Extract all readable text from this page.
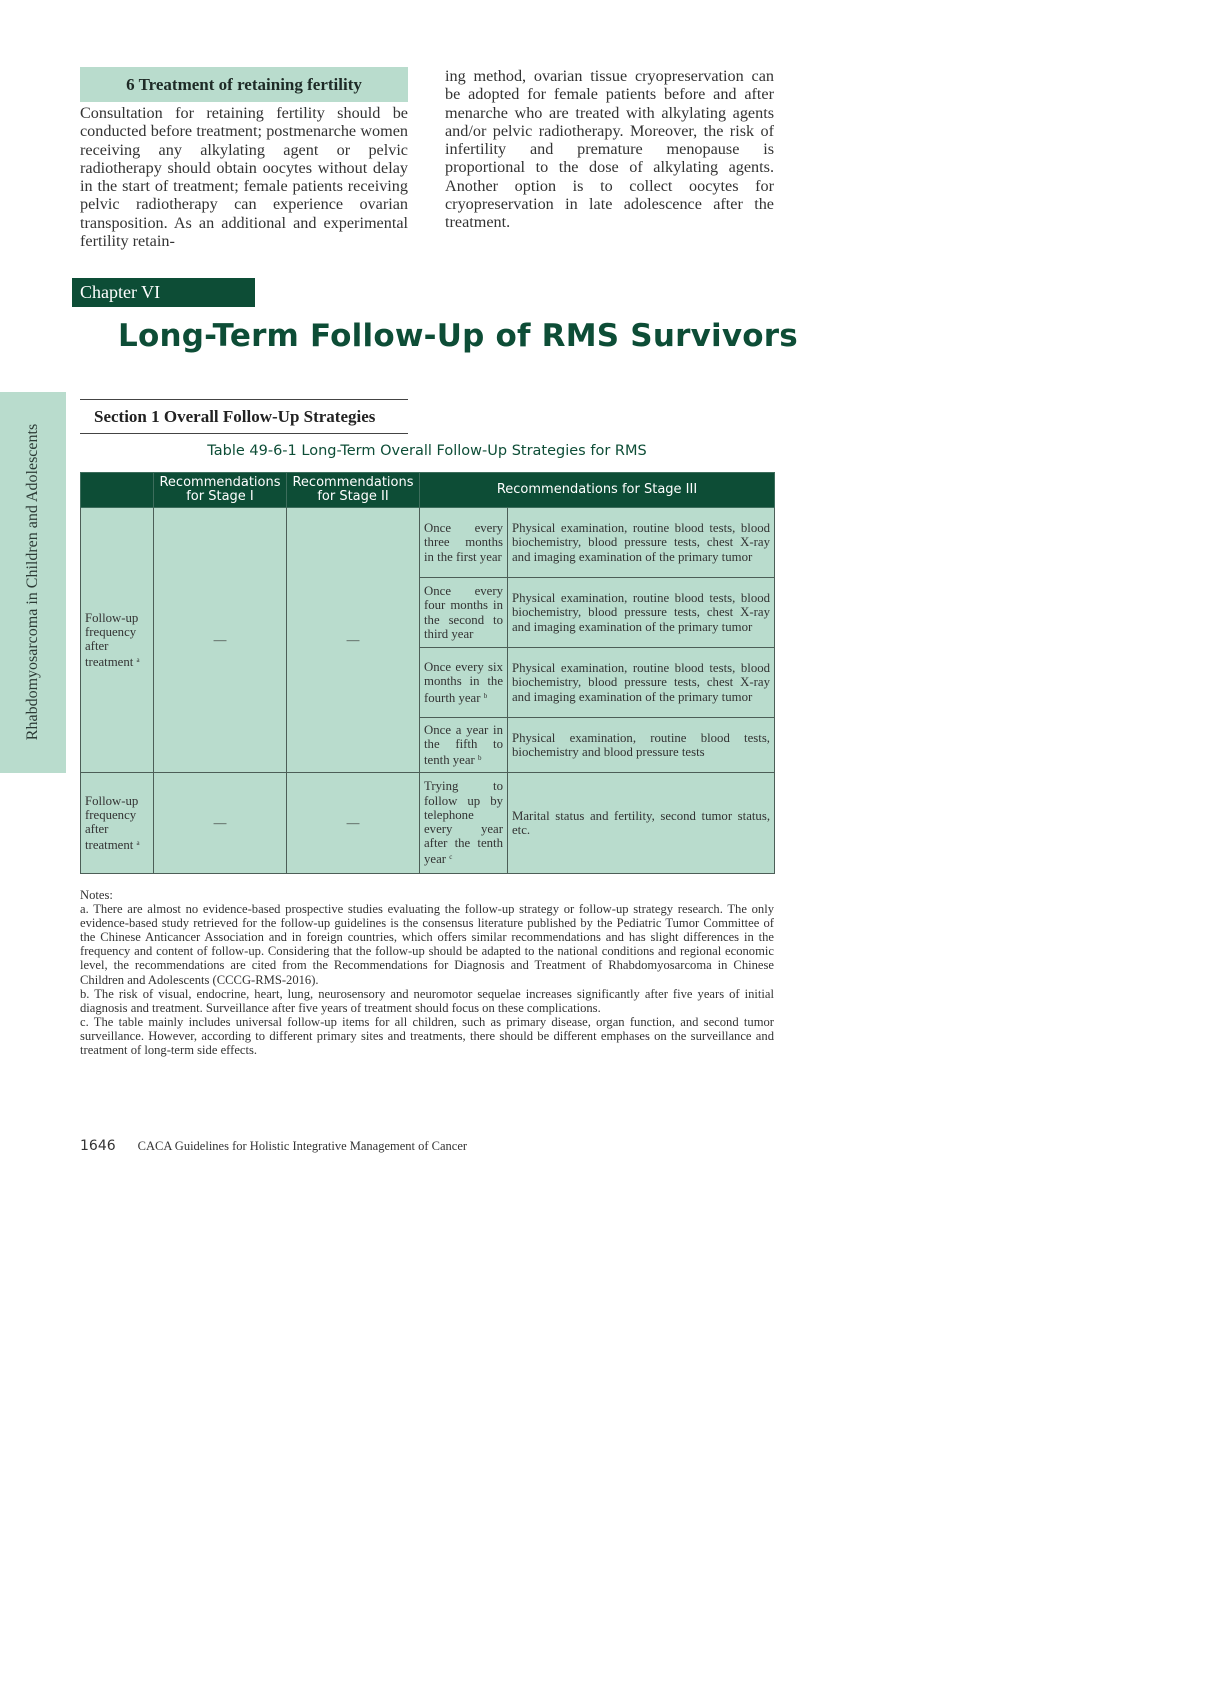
6 Treatment of retaining fertility
Consultation for retaining fertility should be conducted before treatment; postmenarche women receiving any alkylating agent or pelvic radiotherapy should obtain oocytes without delay in the start of treatment; female patients receiving pelvic radiotherapy can experience ovarian transposition. As an additional and experimental fertility retain-
ing method, ovarian tissue cryopreservation can be adopted for female patients before and after menarche who are treated with alkylating agents and/or pelvic radiotherapy. Moreover, the risk of infertility and premature menopause is proportional to the dose of alkylating agents. Another option is to collect oocytes for cryopreservation in late adolescence after the treatment.
Chapter VI
Long-Term Follow-Up of RMS Survivors
Rhabdomyosarcoma in Children and Adolescents
Section 1 Overall Follow-Up Strategies
Table 49-6-1 Long-Term Overall Follow-Up Strategies for RMS
	Recommendations for Stage I	Recommendations for Stage II	Recommendations for Stage III	
Follow-up frequency after treatment $^a$	—	—	Once every three months in the first year	Physical examination, routine blood tests, blood biochemistry, blood pressure tests, chest X-ray and imaging examination of the primary tumor
			Once every four months in the second to third year	Physical examination, routine blood tests, blood biochemistry, blood pressure tests, chest X-ray and imaging examination of the primary tumor
			Once every six months in the fourth year $^b$	Physical examination, routine blood tests, blood biochemistry, blood pressure tests, chest X-ray and imaging examination of the primary tumor
			Once a year in the fifth to tenth year $^b$	Physical examination, routine blood tests, biochemistry and blood pressure tests
Follow-up frequency after treatment $^a$	—	—	Trying to follow up by telephone every year after the tenth year $^c$	Marital status and fertility, second tumor status, etc.
Notes:
a. There are almost no evidence-based prospective studies evaluating the follow-up strategy or follow-up strategy research. The only evidence-based study retrieved for the follow-up guidelines is the consensus literature published by the Pediatric Tumor Committee of the Chinese Anticancer Association and in foreign countries, which offers similar recommendations and has slight differences in the frequency and content of follow-up. Considering that the follow-up should be adapted to the national conditions and regional economic level, the recommendations are cited from the Recommendations for Diagnosis and Treatment of Rhabdomyosarcoma in Chinese Children and Adolescents (CCCG-RMS-2016).
b. The risk of visual, endocrine, heart, lung, neurosensory and neuromotor sequelae increases significantly after five years of initial diagnosis and treatment. Surveillance after five years of treatment should focus on these complications.
c. The table mainly includes universal follow-up items for all children, such as primary disease, organ function, and second tumor surveillance. However, according to different primary sites and treatments, there should be different emphases on the surveillance and treatment of long-term side effects.
1646 CACA Guidelines for Holistic Integrative Management of Cancer
